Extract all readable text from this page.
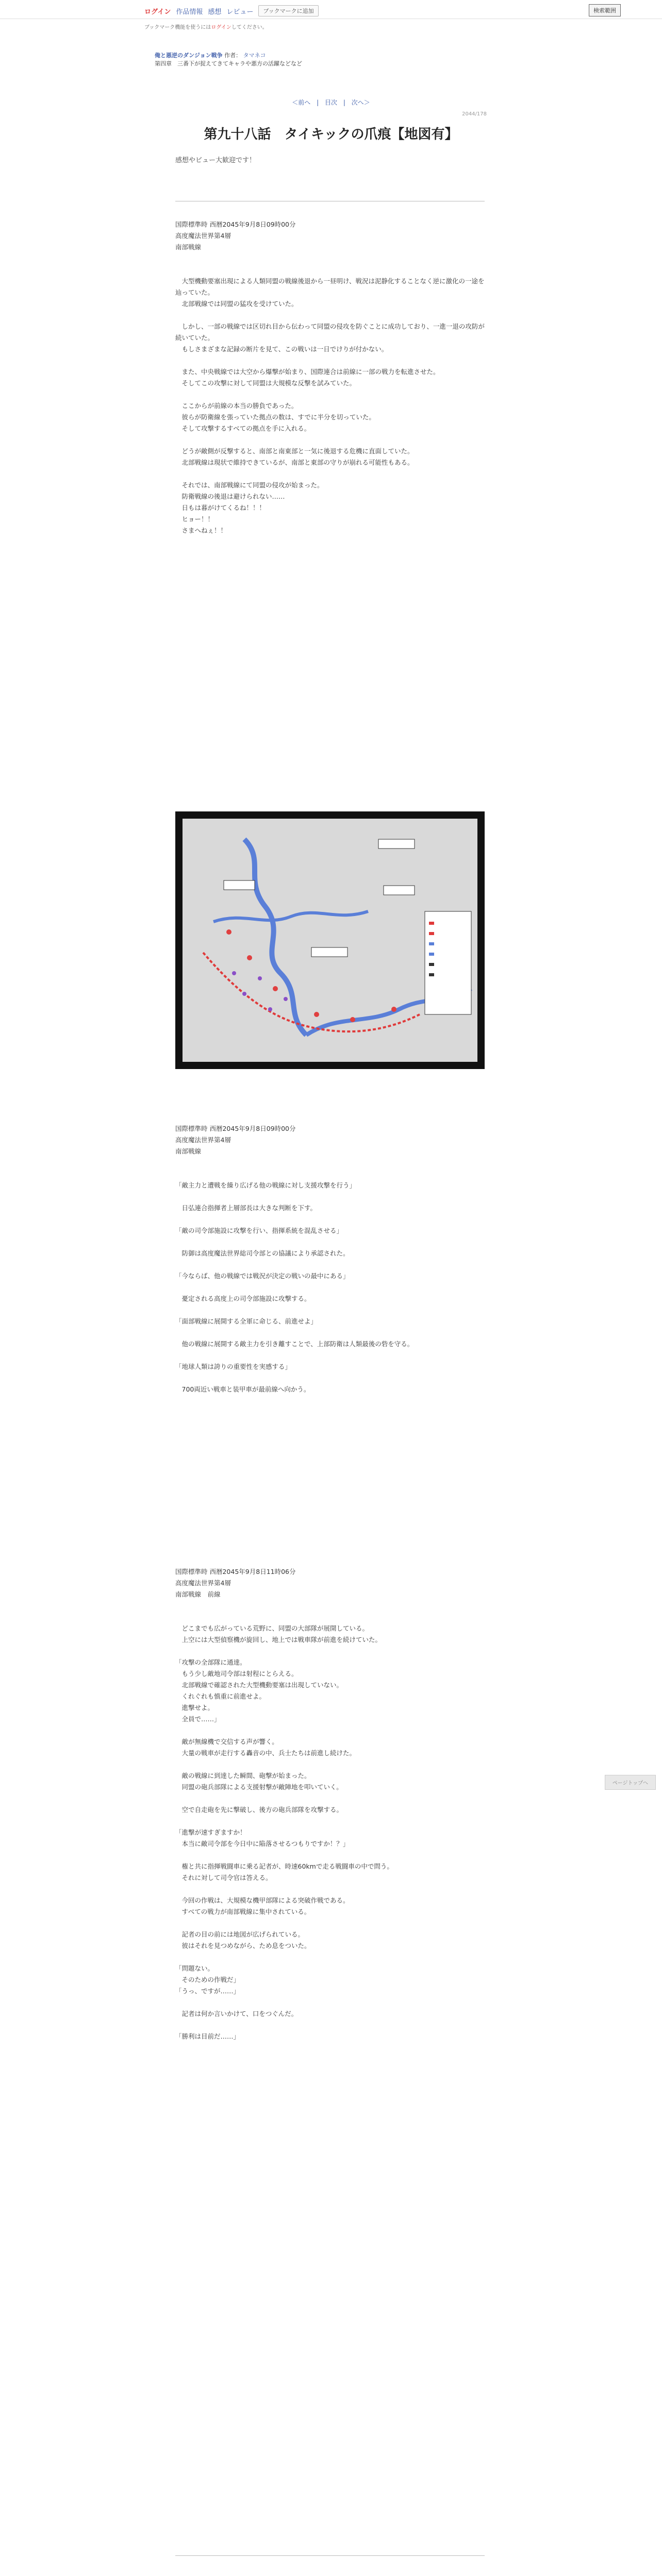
ログイン 作品情報 感想 レビュー	ブックマークに追加	検索範囲
ブックマーク機能を使うにはログインしてください。
俺と悪逆のダンジョン戦争 作者： タマネコ
第四章　三番下が捉えてきてキャラや悪方の活躍などなど
＜前へ | 目次 | 次へ＞
2044/178
第九十八話　タイキックの爪痕【地図有】
感想やビュー大歓迎です！
国際標準時 西暦2045年9月8日09時00分
高度魔法世界第4層
南部戦線

　大型機動要塞出現による人類同盟の戦線後退から一昼明け、戦況は泥静化することなく逆に激化の一途を辿っていた。
　北部戦線では同盟の猛攻を受けていた。

　しかし、一部の戦線では区切れ目から伝わって同盟の侵攻を防ぐことに成功しており、一進一退の攻防が続いていた。
　もしさまざまな記録の断片を見て、この戦いは一日でけりが付かない。

　また、中央戦線では大空から爆撃が始まり、国際連合は前線に一部の戦力を転進させた。
　そしてこの攻撃に対して同盟は大規模な反撃を試みていた。

　ここからが前線の本当の勝負であった。
　彼らが防衛線を張っていた拠点の数は、すでに半分を切っていた。
　そして攻撃するすべての拠点を手に入れる。

　どうが敵側が反撃すると、南部と南東部と一気に後退する危機に直面していた。
　北部戦線は現状で維持できているが、南部と東部の守りが崩れる可能性もある。

　それでは、南部戦線にて同盟の侵攻が始まった。
　防衛戦線の後退は避けられない……
　日もは暮がけてくるね！！！
　ヒョー！！
　さまへねぇ！！
国際標準時 西暦2045年9月8日09時00分
高度魔法世界第4層
南部戦線

「敵主力と遭戦を繰り広げる他の戦線に対し支援攻撃を行う」

　日弘連合指揮者上層部長は大きな判断を下す。

「敵の司令部施設に攻撃を行い、指揮系統を混乱させる」

　防御は高度魔法世界総司令部との協議により承認された。

「今ならば、他の戦線では戦況が決定の戦いの最中にある」

　憂定される高度上の司令部施設に攻撃する。

「面部戦線に展開する全軍に命じる、前進せよ」

　他の戦線に展開する敵主力を引き離すことで、上部防衛は人類最後の砦を守る。

「地球人類は誇りの重要性を実感する」

　700両近い戦車と装甲車が最前線へ向かう。
国際標準時 西暦2045年9月8日11時06分
高度魔法世界第4層
南部戦線　前線

　どこまでも広がっている荒野に、同盟の大部隊が展開している。
　上空には大型偵察機が旋回し、地上では戦車隊が前進を続けていた。

「攻撃の全部隊に通達。
　もう少し敵地司令部は射程にとらえる。
　北部戦線で確認された大型機動要塞は出現していない。
　くれぐれも慎重に前進せよ。
　進撃せよ。
　全員で……」

　敵が無線機で交信する声が響く。
　大量の戦車が走行する轟音の中、兵士たちは前進し続けた。

　敵の戦線に到達した瞬間、砲撃が始まった。
　同盟の砲兵部隊による支援射撃が敵陣地を叩いていく。

　空で自走砲を先に撃破し、後方の砲兵部隊を攻撃する。

「進撃が速すぎますか！
　本当に敵司令部を今日中に陥落させるつもりですか！？」

　権と共に指揮戦闘車に乗る記者が、時速60kmで走る戦闘車の中で問う。
　それに対して司令官は答える。

　今回の作戦は、大規模な機甲部隊による突破作戦である。
　すべての戦力が南部戦線に集中されている。

　記者の目の前には地図が広げられている。
　彼はそれを見つめながら、ため息をついた。

「問題ない。
　そのための作戦だ」
「うっ、ですが……」

　記者は何か言いかけて、口をつぐんだ。

「勝利は目前だ……」
ページトップへ
